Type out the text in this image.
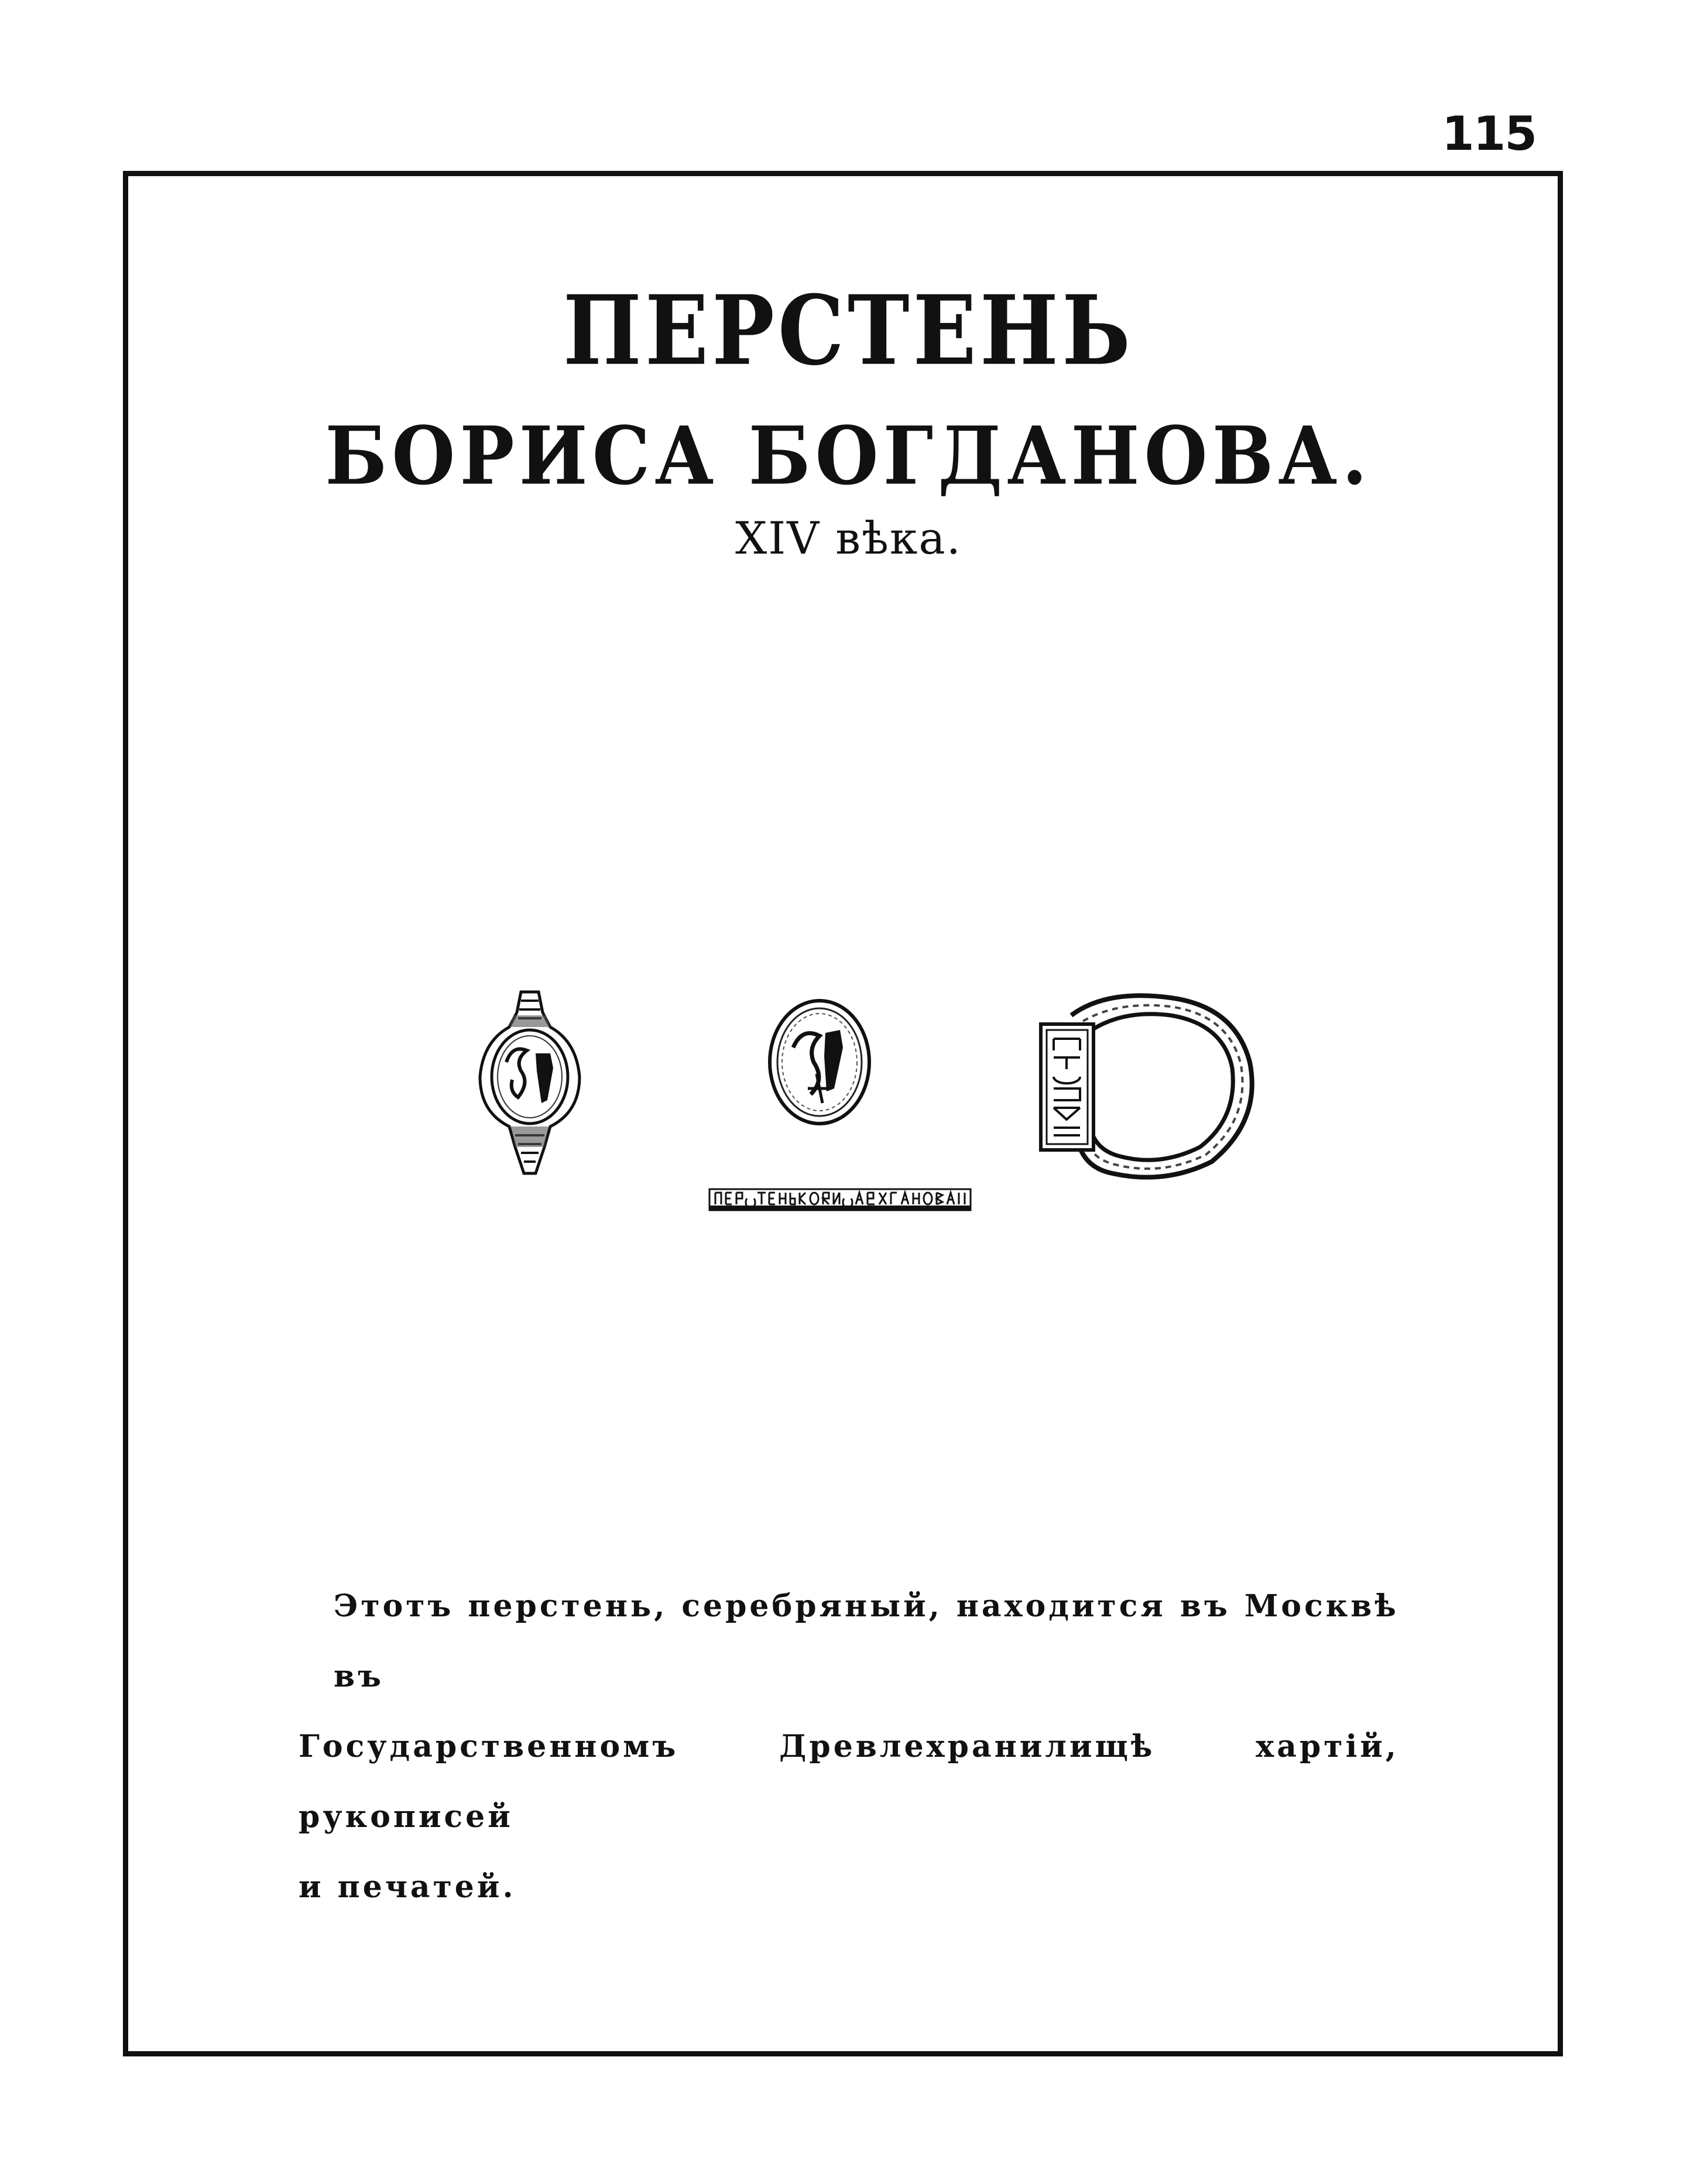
115
ПЕРСТЕНЬ
БОРИСА БОГДАНОВА.
XIV вѣка.
Этотъ перстень, серебряный, находится въ Москвѣ въ
Государственномъ Древлехранилищѣ хартій, рукописей
и печатей.
